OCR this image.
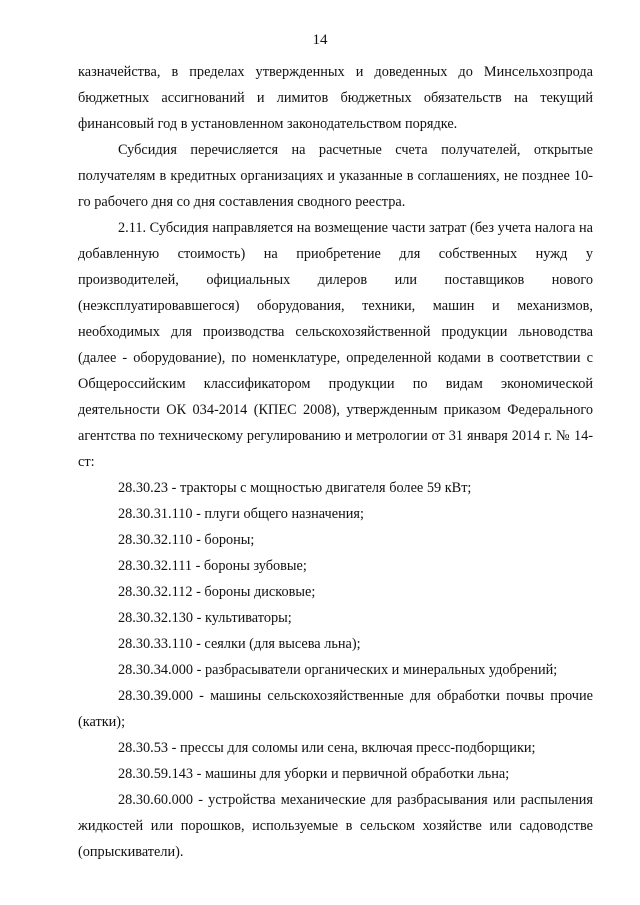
14

казначейства, в пределах утвержденных и доведенных до Минсельхозпрода бюджетных ассигнований и лимитов бюджетных обязательств на текущий финансовый год в установленном законодательством порядке.

Субсидия перечисляется на расчетные счета получателей, открытые получателям в кредитных организациях и указанные в соглашениях, не позднее 10-го рабочего дня со дня составления сводного реестра.

2.11. Субсидия направляется на возмещение части затрат (без учета налога на добавленную стоимость) на приобретение для собственных нужд у производителей, официальных дилеров или поставщиков нового (неэксплуатировавшегося) оборудования, техники, машин и механизмов, необходимых для производства сельскохозяйственной продукции льноводства (далее - оборудование), по номенклатуре, определенной кодами в соответствии с Общероссийским классификатором продукции по видам экономической деятельности ОК 034-2014 (КПЕС 2008), утвержденным приказом Федерального агентства по техническому регулированию и метрологии от 31 января 2014 г. № 14-ст:

28.30.23 - тракторы с мощностью двигателя более 59 кВт;

28.30.31.110 - плуги общего назначения;

28.30.32.110 - бороны;

28.30.32.111 - бороны зубовые;

28.30.32.112 - бороны дисковые;

28.30.32.130 - культиваторы;

28.30.33.110 - сеялки (для высева льна);

28.30.34.000 - разбрасыватели органических и минеральных удобрений;

28.30.39.000 - машины сельскохозяйственные для обработки почвы прочие (катки);

28.30.53 - прессы для соломы или сена, включая пресс-подборщики;

28.30.59.143 - машины для уборки и первичной обработки льна;

28.30.60.000 - устройства механические для разбрасывания или распыления жидкостей или порошков, используемые в сельском хозяйстве или садоводстве (опрыскиватели).
